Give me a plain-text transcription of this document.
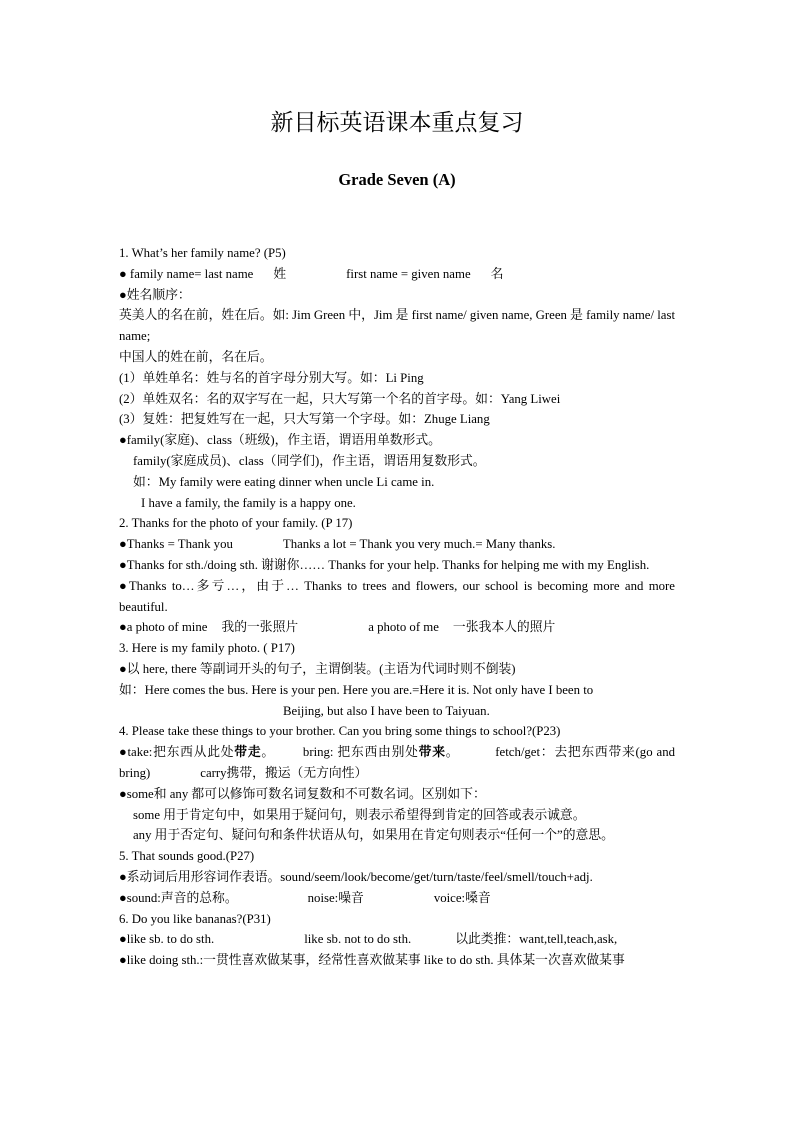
新目标英语课本重点复习
Grade Seven (A)

1. What’s her family name? (P5)

● family name= last name 姓	first name = given name 名

●姓名顺序：

英美人的名在前，姓在后。如: Jim Green 中，Jim 是 first name/ given name, Green 是 family name/ last name;

中国人的姓在前，名在后。

(1）单姓单名：姓与名的首字母分别大写。如：Li Ping

(2）单姓双名：名的双字写在一起，只大写第一个名的首字母。如：Yang Liwei

(3）复姓：把复姓写在一起，只大写第一个字母。如：Zhuge Liang

●family(家庭)、class（班级)，作主语，谓语用单数形式。

family(家庭成员)、class（同学们)，作主语，谓语用复数形式。

如：My family were eating dinner when uncle Li came in.

I have a family, the family is a happy one.

2. Thanks for the photo of your family. (P 17)

●Thanks = Thank you	Thanks a lot = Thank you very much.= Many thanks.

●Thanks for sth./doing sth. 谢谢你…… Thanks for your help. Thanks for helping me with my English.

●Thanks to…多亏…，由于… Thanks to trees and flowers, our school is becoming more and more beautiful.

●a photo of mine 我的一张照片	a photo of me 一张我本人的照片

3. Here is my family photo. ( P17)

●以 here, there 等副词开头的句子，主谓倒装。(主语为代词时则不倒装)

如：Here comes the bus. Here is your pen. Here you are.=Here it is. Not only have I been to

Beijing, but also I have been to Taiyuan.

4. Please take these things to your brother. Can you bring some things to school?(P23)

●take:把东西从此处带走。 bring: 把东西由别处带来。	fetch/get：去把东西带来(go and bring)	carry携带，搬运（无方向性）

●some和 any 都可以修饰可数名词复数和不可数名词。区别如下：

some 用于肯定句中，如果用于疑问句，则表示希望得到肯定的回答或表示诚意。

any 用于否定句、疑问句和条件状语从句，如果用在肯定句则表示“任何一个”的意思。

5. That sounds good.(P27)

●系动词后用形容词作表语。sound/seem/look/become/get/turn/taste/feel/smell/touch+adj.

●sound:声音的总称。	noise:噪音	voice:嗓音

6. Do you like bananas?(P31)

●like sb. to do sth.	like sb. not to do sth.	以此类推：want,tell,teach,ask,

●like doing sth.:一贯性喜欢做某事，经常性喜欢做某事 like to do sth. 具体某一次喜欢做某事
